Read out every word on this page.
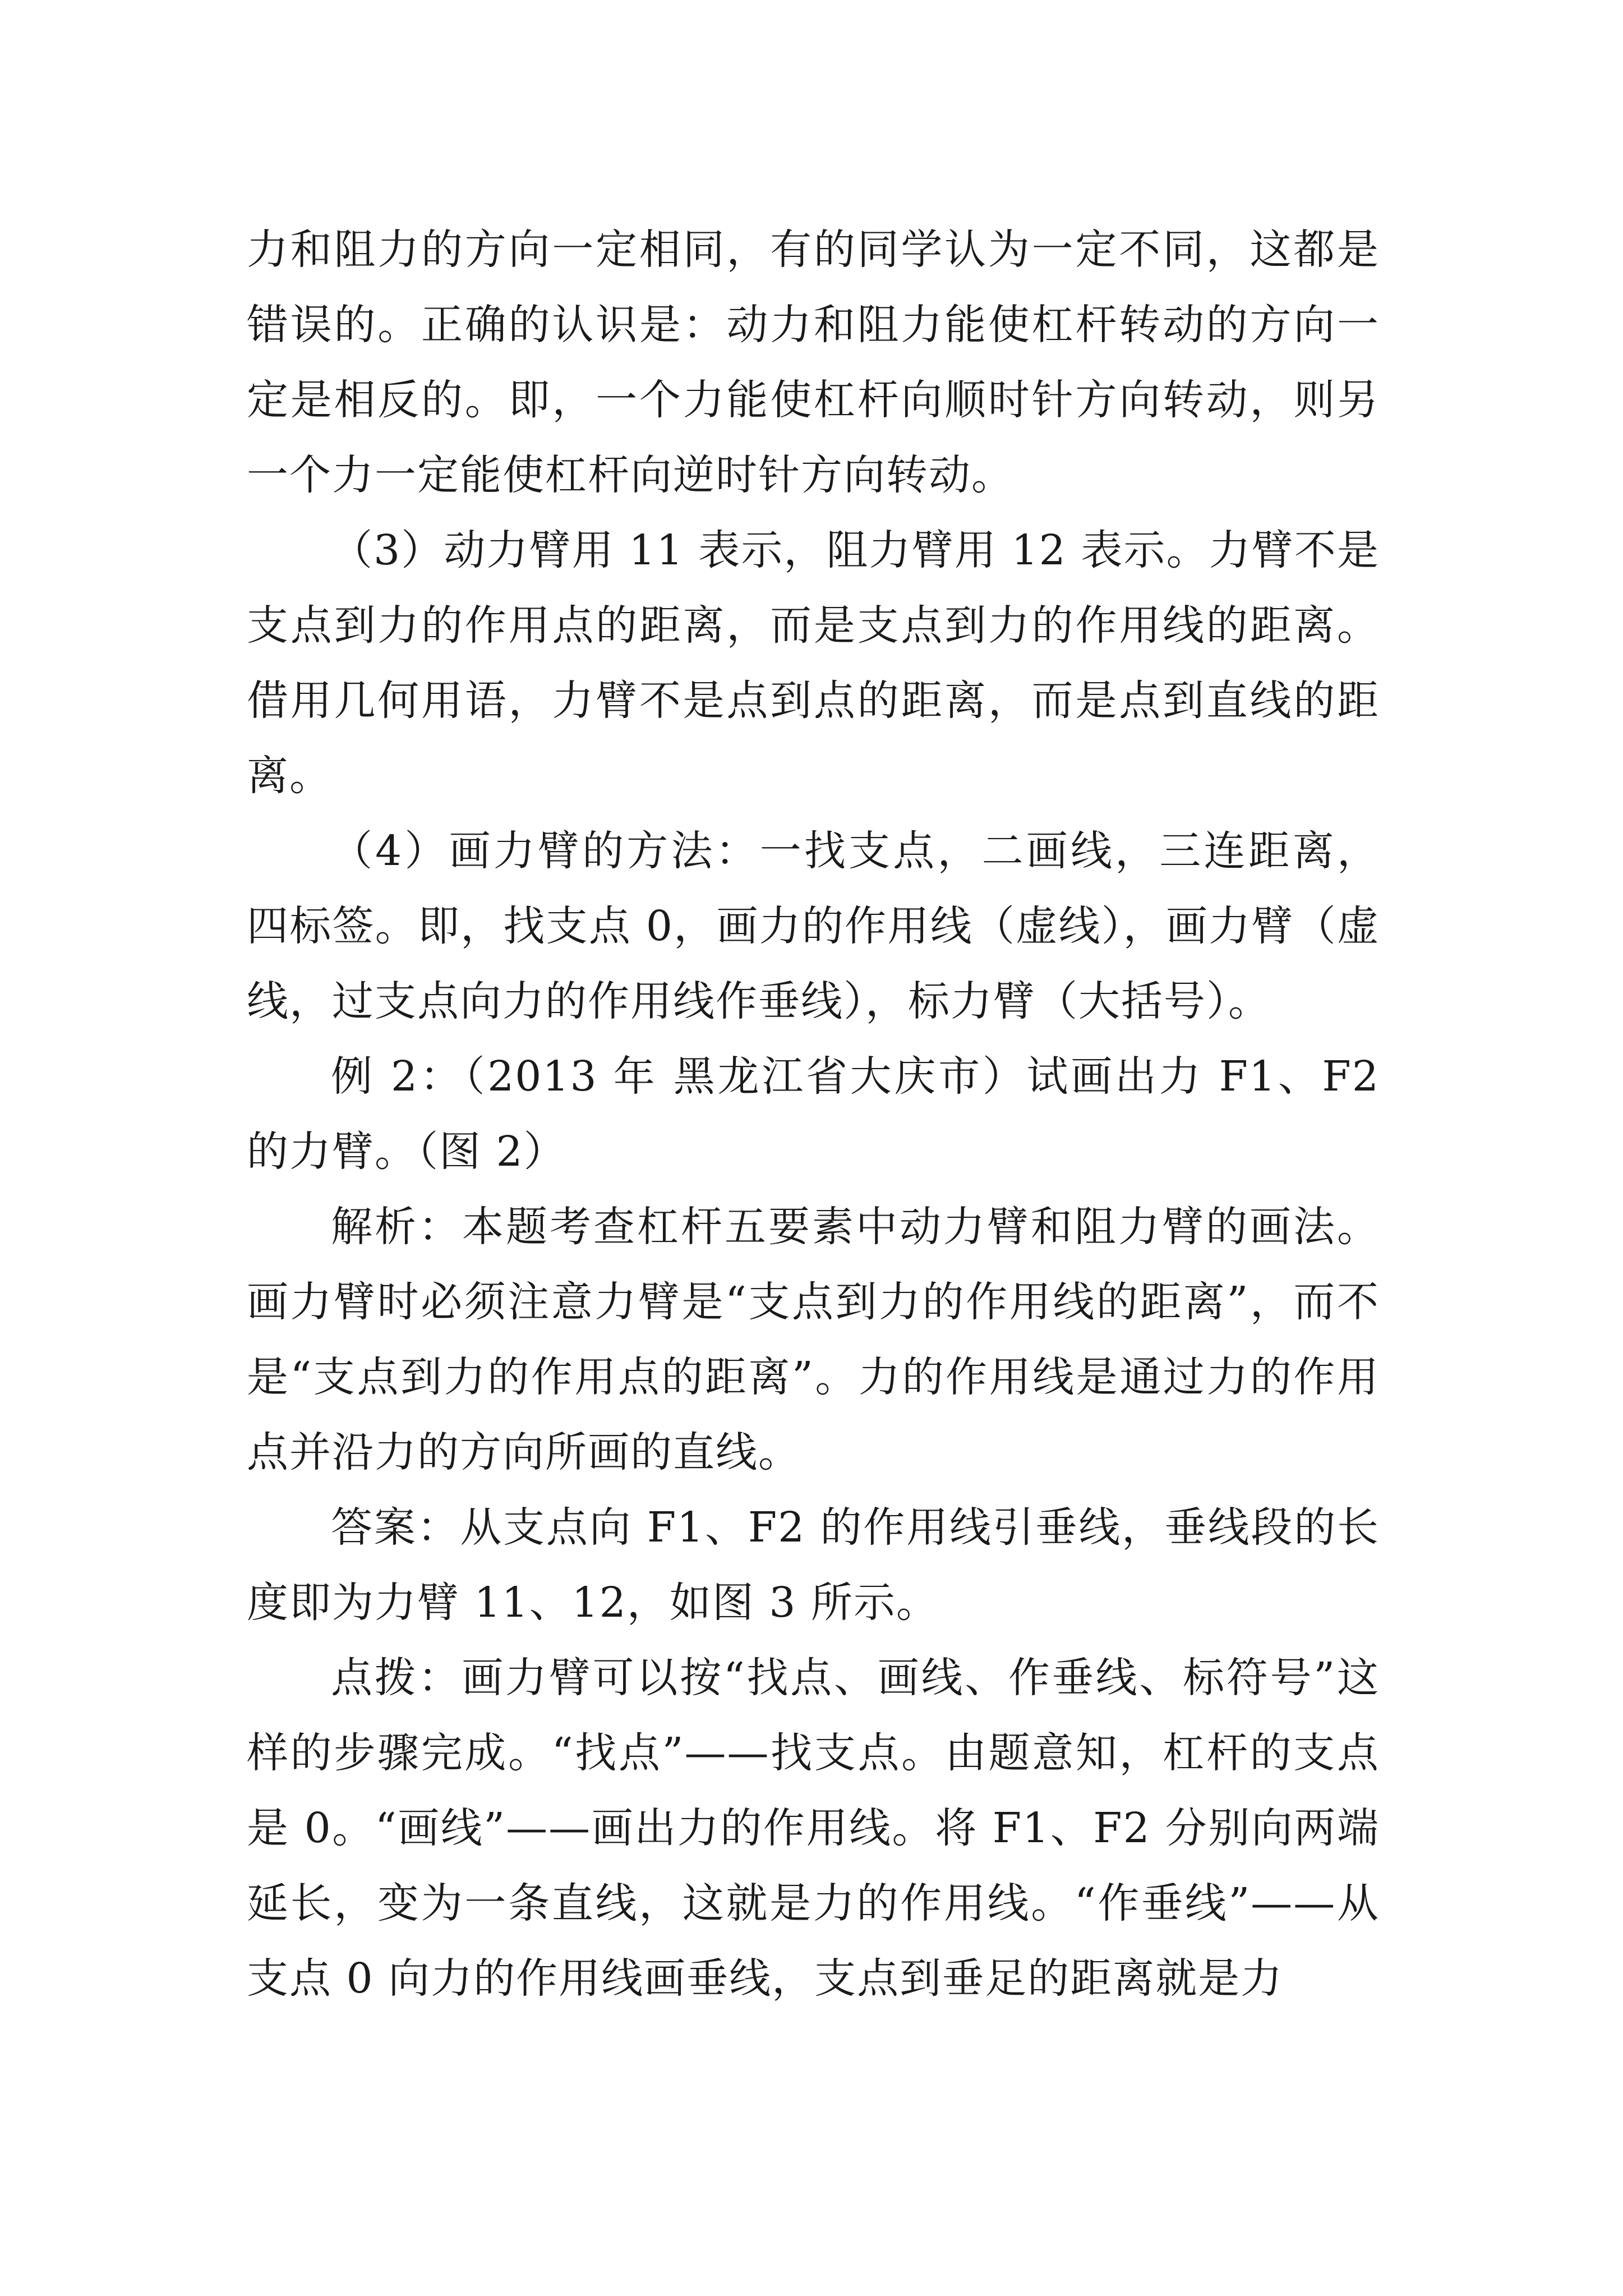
力和阻力的方向一定相同，有的同学认为一定不同，这都是错误的。正确的认识是：动力和阻力能使杠杆转动的方向一定是相反的。即，一个力能使杠杆向顺时针方向转动，则另一个力一定能使杠杆向逆时针方向转动。

（3）动力臂用 11 表示，阻力臂用 12 表示。力臂不是支点到力的作用点的距离，而是支点到力的作用线的距离。借用几何用语，力臂不是点到点的距离，而是点到直线的距离。

（4）画力臂的方法：一找支点，二画线，三连距离，四标签。即，找支点 0，画力的作用线（虚线），画力臂（虚线，过支点向力的作用线作垂线），标力臂（大括号）。

例 2：（2013 年 黑龙江省大庆市）试画出力 F1、F2 的力臂。（图 2）

解析：本题考查杠杆五要素中动力臂和阻力臂的画法。画力臂时必须注意力臂是“支点到力的作用线的距离”，而不是“支点到力的作用点的距离”。力的作用线是通过力的作用点并沿力的方向所画的直线。

答案：从支点向 F1、F2 的作用线引垂线，垂线段的长度即为力臂 11、12，如图 3 所示。

点拨：画力臂可以按“找点、画线、作垂线、标符号”这样的步骤完成。“找点”——找支点。由题意知，杠杆的支点是 0。“画线”——画出力的作用线。将 F1、F2 分别向两端延长，变为一条直线，这就是力的作用线。“作垂线”——从支点 0 向力的作用线画垂线，支点到垂足的距离就是力
